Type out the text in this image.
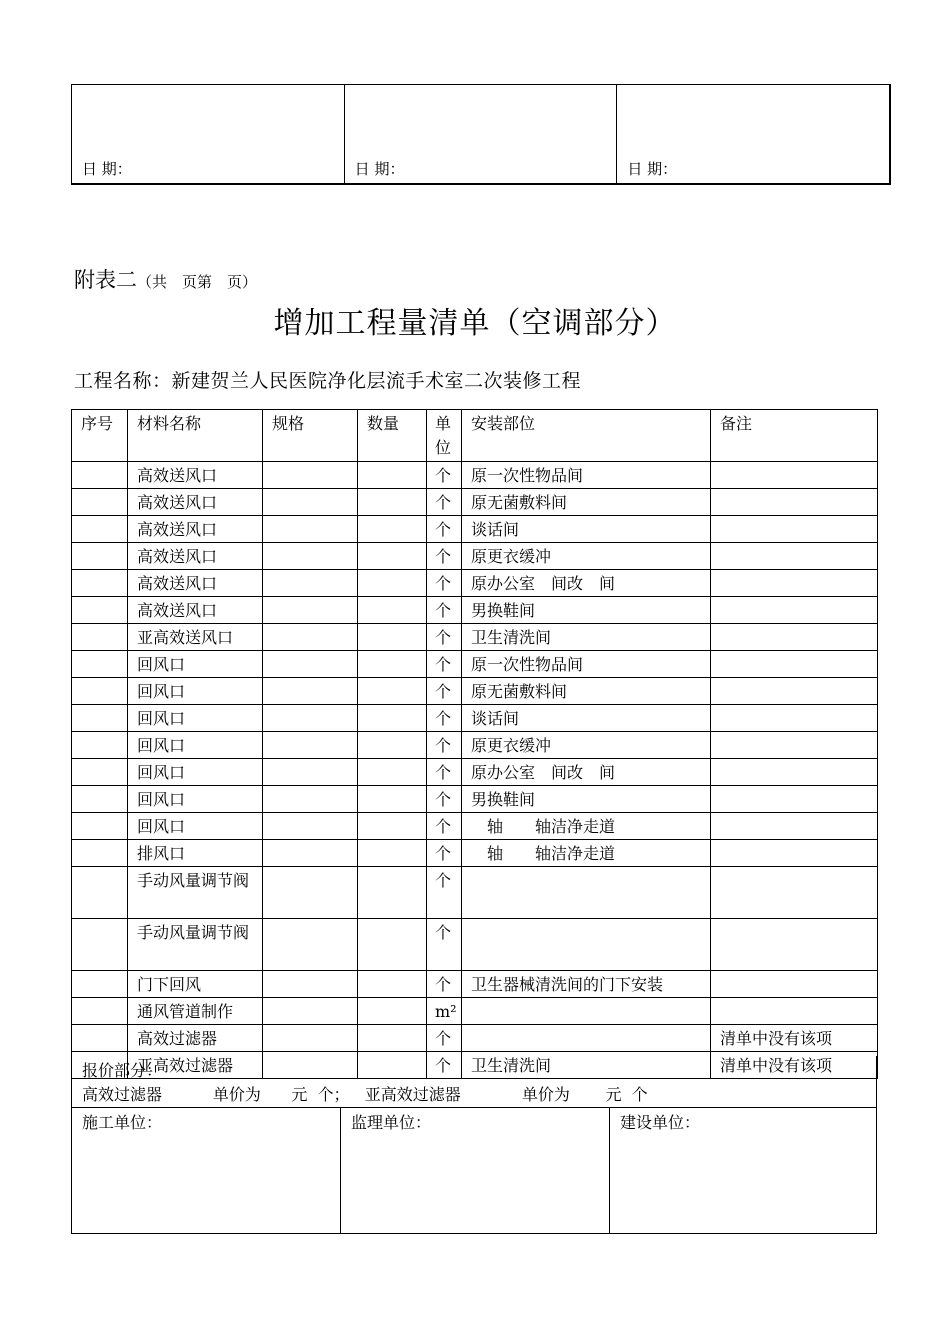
日 期：	日 期：	日 期：
附表二（共　页第　页）
增加工程量清单（空调部分）
工程名称：新建贺兰人民医院净化层流手术室二次装修工程
序号	材料名称	规格	数量	单位	安装部位	备注
	高效送风口			个	原一次性物品间	
	高效送风口			个	原无菌敷料间	
	高效送风口			个	谈话间	
	高效送风口			个	原更衣缓冲	
	高效送风口			个	原办公室　间改　间	
	高效送风口			个	男换鞋间	
	亚高效送风口			个	卫生清洗间	
	回风口			个	原一次性物品间	
	回风口			个	原无菌敷料间	
	回风口			个	谈话间	
	回风口			个	原更衣缓冲	
	回风口			个	原办公室　间改　间	
	回风口			个	男换鞋间	
	回风口			个	　轴　　轴洁净走道	
	排风口			个	　轴　　轴洁净走道	
	手动风量调节阀			个		
	手动风量调节阀			个		
	门下回风			个	卫生器械清洗间的门下安装	
	通风管道制作			m²		
	高效过滤器			个		清单中没有该项
	亚高效过滤器			个	卫生清洗间	清单中没有该项
报价部分：
高效过滤器          单价为      元  个；   亚高效过滤器            单价为       元  个
施工单位：	监理单位：	建设单位：
